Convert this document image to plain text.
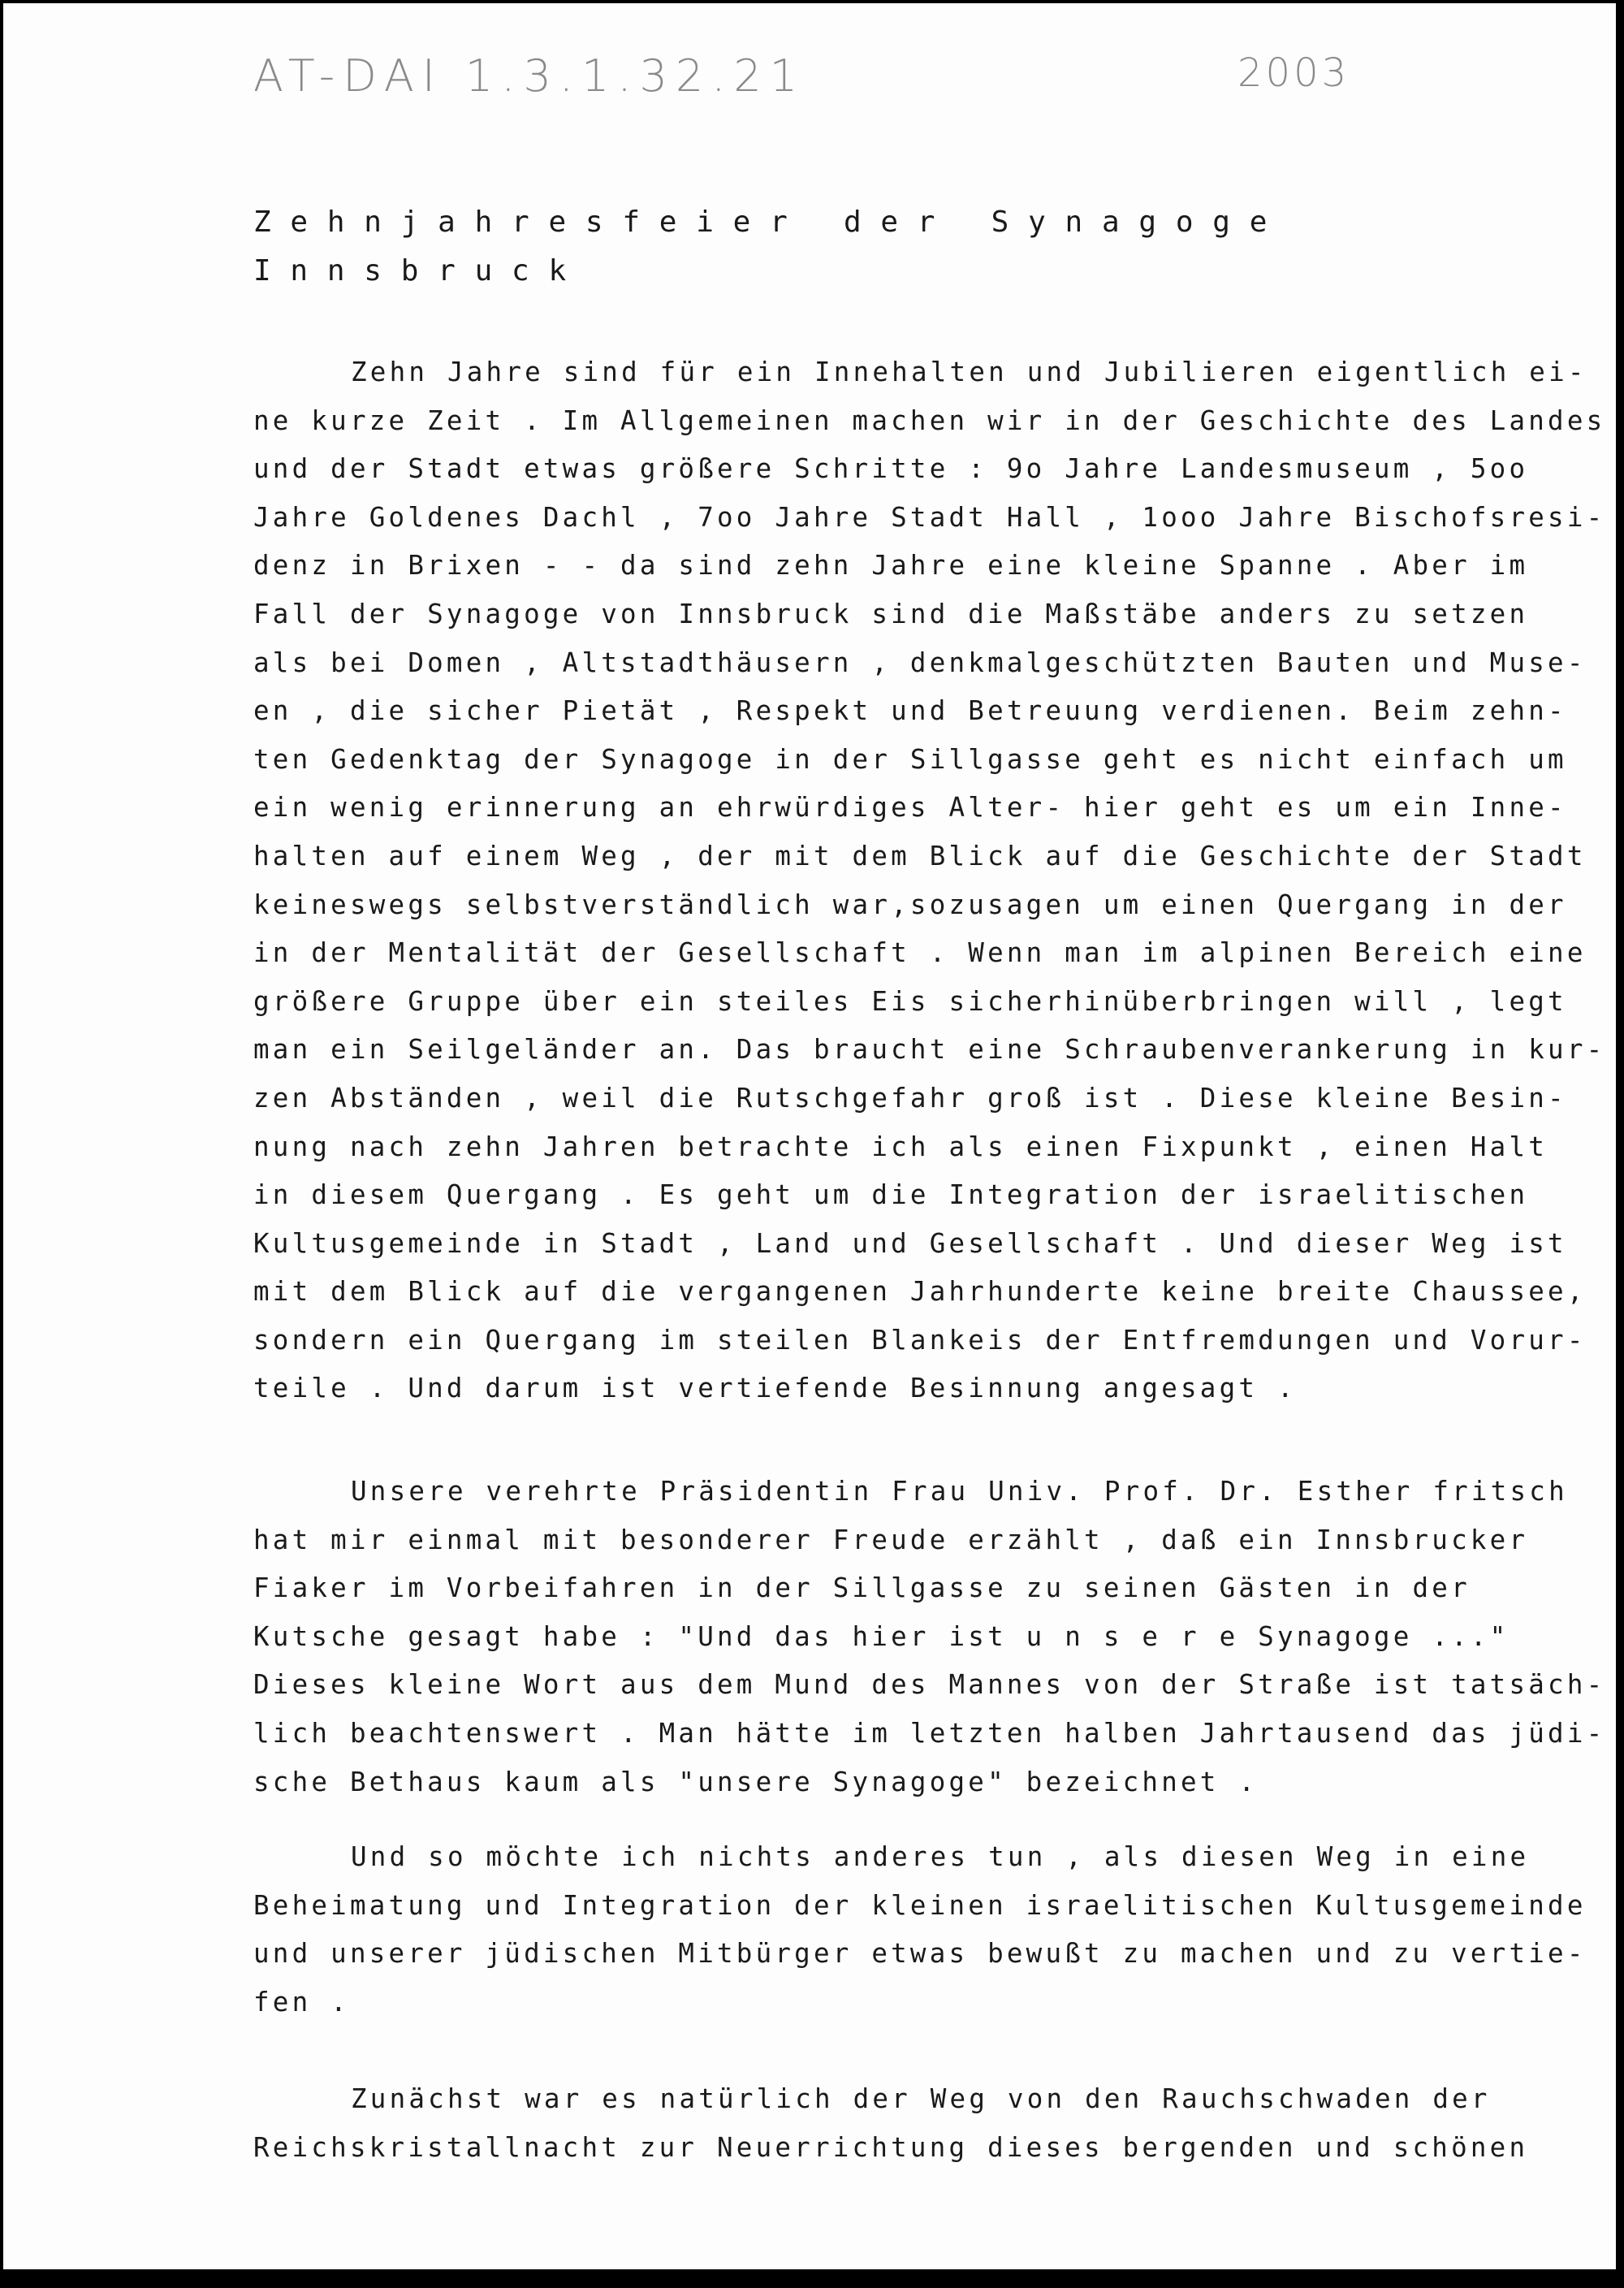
AT-DAI 1.3.1.32.21	2003
Zehnjahresfeier der Synagoge
Innsbruck

Zehn Jahre sind für ein Innehalten und Jubilieren eigentlich ei-
ne kurze Zeit . Im Allgemeinen machen wir in der Geschichte des Landes
und der Stadt etwas größere Schritte : 9o Jahre Landesmuseum , 5oo
Jahre Goldenes Dachl , 7oo Jahre Stadt Hall , 1ooo Jahre Bischofsresi-
denz in Brixen - - da sind zehn Jahre eine kleine Spanne . Aber im
Fall der Synagoge von Innsbruck sind die Maßstäbe anders zu setzen
als bei Domen , Altstadthäusern , denkmalgeschützten Bauten und Muse-
en , die sicher Pietät , Respekt und Betreuung verdienen. Beim zehn-
ten Gedenktag der Synagoge in der Sillgasse geht es nicht einfach um
ein wenig erinnerung an ehrwürdiges Alter- hier geht es um ein Inne-
halten auf einem Weg , der mit dem Blick auf die Geschichte der Stadt
keineswegs selbstverständlich war,sozusagen um einen Quergang in der
in der Mentalität der Gesellschaft . Wenn man im alpinen Bereich eine
größere Gruppe über ein steiles Eis sicherhinüberbringen will , legt
man ein Seilgeländer an. Das braucht eine Schraubenverankerung in kur-
zen Abständen , weil die Rutschgefahr groß ist . Diese kleine Besin-
nung nach zehn Jahren betrachte ich als einen Fixpunkt , einen Halt
in diesem Quergang . Es geht um die Integration der israelitischen
Kultusgemeinde in Stadt , Land und Gesellschaft . Und dieser Weg ist
mit dem Blick auf die vergangenen Jahrhunderte keine breite Chaussee,
sondern ein Quergang im steilen Blankeis der Entfremdungen und Vorur-
teile . Und darum ist vertiefende Besinnung angesagt .

Unsere verehrte Präsidentin Frau Univ. Prof. Dr. Esther fritsch
hat mir einmal mit besonderer Freude erzählt , daß ein Innsbrucker
Fiaker im Vorbeifahren in der Sillgasse zu seinen Gästen in der
Kutsche gesagt habe : "Und das hier ist u n s e r e Synagoge ..."
Dieses kleine Wort aus dem Mund des Mannes von der Straße ist tatsäch-
lich beachtenswert . Man hätte im letzten halben Jahrtausend das jüdi-
sche Bethaus kaum als "unsere Synagoge" bezeichnet .

Und so möchte ich nichts anderes tun , als diesen Weg in eine
Beheimatung und Integration der kleinen israelitischen Kultusgemeinde
und unserer jüdischen Mitbürger etwas bewußt zu machen und zu vertie-
fen .

Zunächst war es natürlich der Weg von den Rauchschwaden der
Reichskristallnacht zur Neuerrichtung dieses bergenden und schönen
